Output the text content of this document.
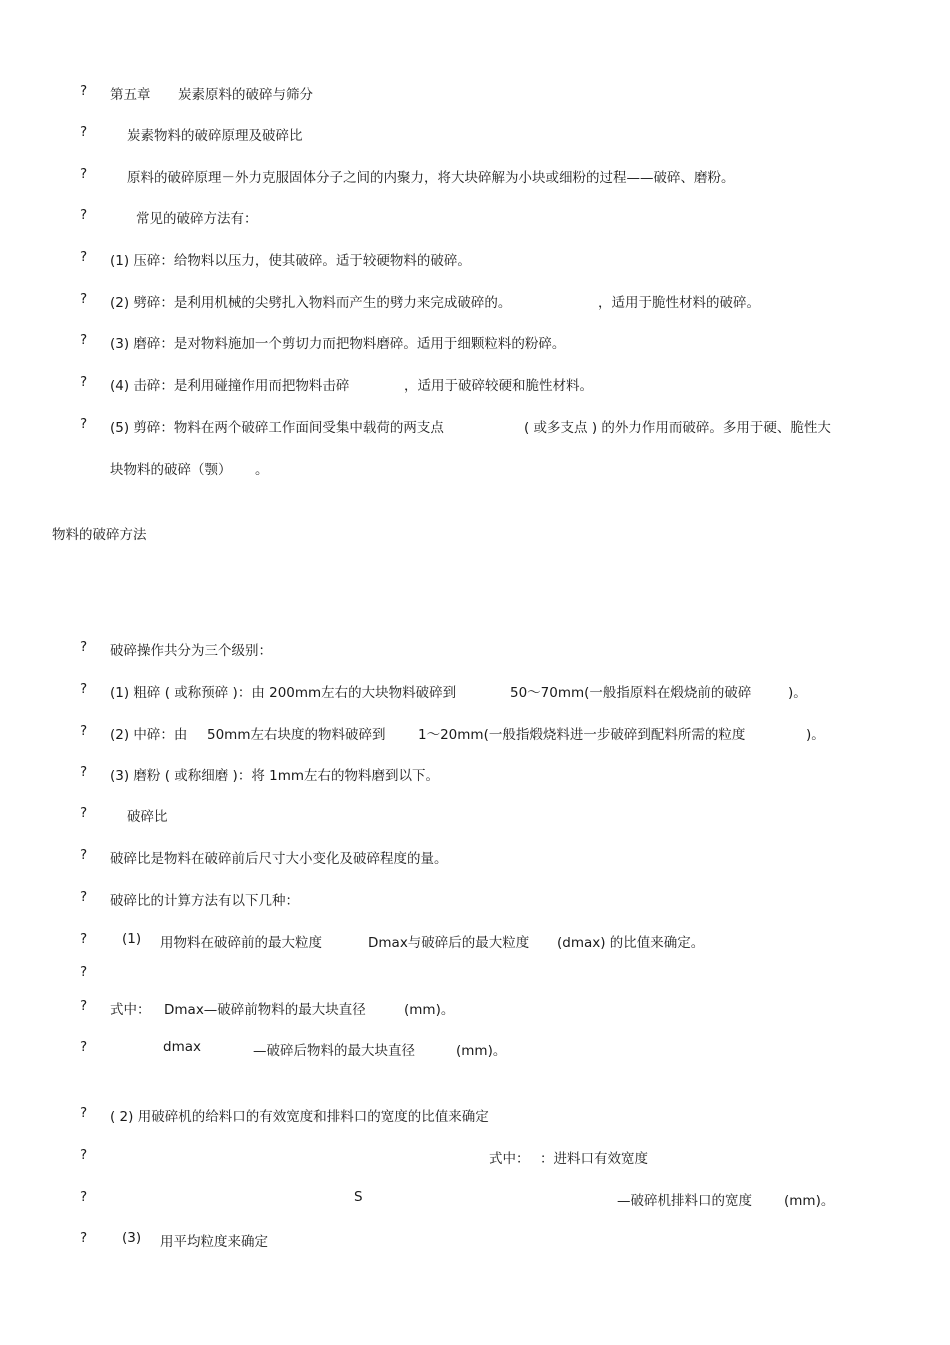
? 第五章 炭素原料的破碎与筛分
?	炭素物料的破碎原理及破碎比
?	原料的破碎原理－外力克服固体分子之间的内聚力，将大块碎解为小块或细粉的过程——破碎、磨粉。
?	常见的破碎方法有：
? (1) 压碎：给物料以压力，使其破碎。适于较硬物料的破碎。
? (2) 劈碎：是利用机械的尖劈扎入物料而产生的劈力来完成破碎的。	，适用于脆性材料的破碎。
? (3) 磨碎：是对物料施加一个剪切力而把物料磨碎。适用于细颗粒料的粉碎。
? (4) 击碎：是利用碰撞作用而把物料击碎	，适用于破碎较硬和脆性材料。
? (5) 剪碎：物料在两个破碎工作面间受集中载荷的两支点	( 或多支点 ) 的外力作用而破碎。多用于硬、脆性大
块物料的破碎（颚） 。
物料的破碎方法
? 破碎操作共分为三个级别：
? (1) 粗碎 ( 或称预碎 )：由 200mm左右的大块物料破碎到	50～70mm(一般指原料在煅烧前的破碎	)。
? (2) 中碎：由 50mm左右块度的物料破碎到 1～20mm(一般指煅烧料进一步破碎到配料所需的粒度	)。
? (3) 磨粉 ( 或称细磨 )：将 1mm左右的物料磨到以下。
?	破碎比
? 破碎比是物料在破碎前后尺寸大小变化及破碎程度的量。
? 破碎比的计算方法有以下几种：
?	(1) 用物料在破碎前的最大粒度	Dmax与破碎后的最大粒度 (dmax) 的比值来确定。
?
? 式中： Dmax—破碎前物料的最大块直径	(mm)。
?	dmax	—破碎后物料的最大块直径	(mm)。
? ( 2) 用破碎机的给料口的有效宽度和排料口的宽度的比值来确定
?	式中： ：进料口有效宽度
?	S	—破碎机排料口的宽度 (mm)。
?	(3) 用平均粒度来确定
